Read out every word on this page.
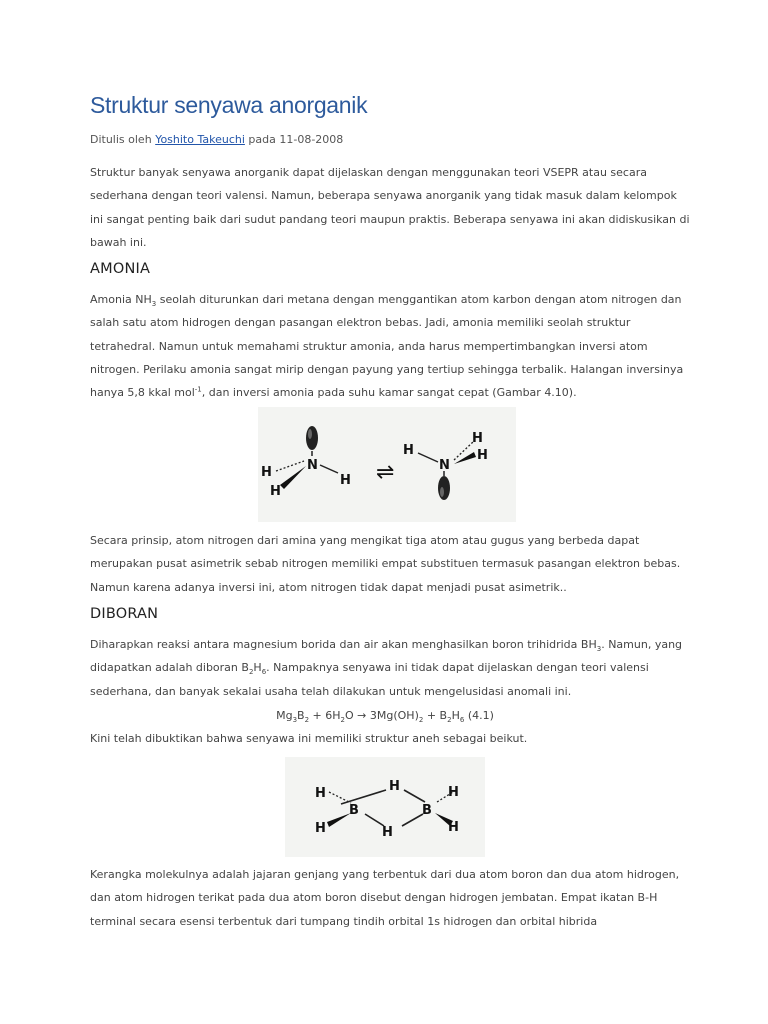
Struktur senyawa anorganik
Ditulis oleh Yoshito Takeuchi pada 11-08-2008

Struktur banyak senyawa anorganik dapat dijelaskan dengan menggunakan teori VSEPR atau secara sederhana dengan teori valensi. Namun, beberapa senyawa anorganik yang tidak masuk dalam kelompok ini sangat penting baik dari sudut pandang teori maupun praktis. Beberapa senyawa ini akan didiskusikan di bawah ini.

AMONIA

Amonia $NH_3$ seolah diturunkan dari metana dengan menggantikan atom karbon dengan atom nitrogen dan salah satu atom hidrogen dengan pasangan elektron bebas. Jadi, amonia memiliki seolah struktur tetrahedral. Namun untuk memahami struktur amonia, anda harus mempertimbangkan inversi atom nitrogen. Perilaku amonia sangat mirip dengan payung yang tertiup sehingga terbalik. Halangan inversinya hanya 5,8 kkal mol$^{-1}$, dan inversi amonia pada suhu kamar sangat cepat (Gambar 4.10).

N
H
H
H ⇌
H
N
H
H

Secara prinsip, atom nitrogen dari amina yang mengikat tiga atom atau gugus yang berbeda dapat merupakan pusat asimetrik sebab nitrogen memiliki empat substituen termasuk pasangan elektron bebas. Namun karena adanya inversi ini, atom nitrogen tidak dapat menjadi pusat asimetrik..

DIBORAN

Diharapkan reaksi antara magnesium borida dan air akan menghasilkan boron trihidrida $BH_3$. Namun, yang didapatkan adalah diboran $B_2H_6$. Nampaknya senyawa ini tidak dapat dijelaskan dengan teori valensi sederhana, dan banyak sekalai usaha telah dilakukan untuk mengelusidasi anomali ini.

$Mg_3B_2 + 6H_2O \to 3Mg(OH)_2 + B_2H_6$ (4.1)

Kini telah dibuktikan bahwa senyawa ini memiliki struktur aneh sebagai beikut.

H
H
B
H
H
B
H
H

Kerangka molekulnya adalah jajaran genjang yang terbentuk dari dua atom boron dan dua atom hidrogen, dan atom hidrogen terikat pada dua atom boron disebut dengan hidrogen jembatan. Empat ikatan B-H terminal secara esensi terbentuk dari tumpang tindih orbital 1s hidrogen dan orbital hibrida
